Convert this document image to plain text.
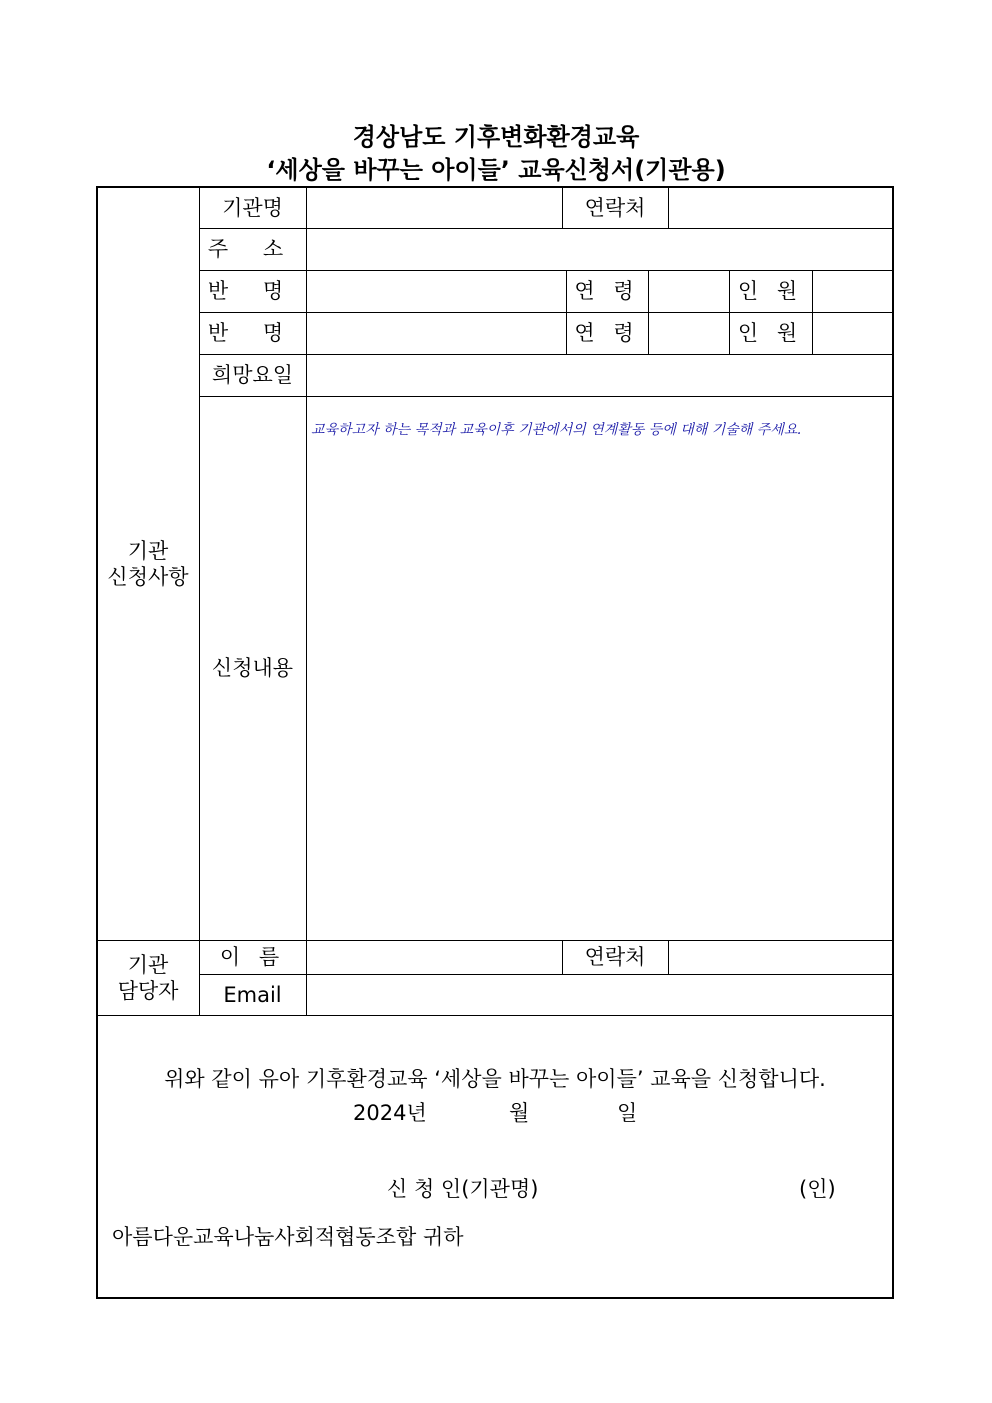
경상남도 기후변화환경교육
‘세상을 바꾸는 아이들’ 교육신청서(기관용)
기관
신청사항
기관명	연락처
주 소
반 명	연 령	인 원
반 명	연 령	인 원
희망요일
신청내용
교육하고자 하는 목적과 교육이후 기관에서의 연계활동 등에 대해 기술해 주세요.
기관
담당자
이 름	연락처
Email
위와 같이 유아 기후환경교육 ‘세상을 바꾸는 아이들’ 교육을 신청합니다.
2024년	월	일
신 청 인(기관명)	(인)
아름다운교육나눔사회적협동조합 귀하
